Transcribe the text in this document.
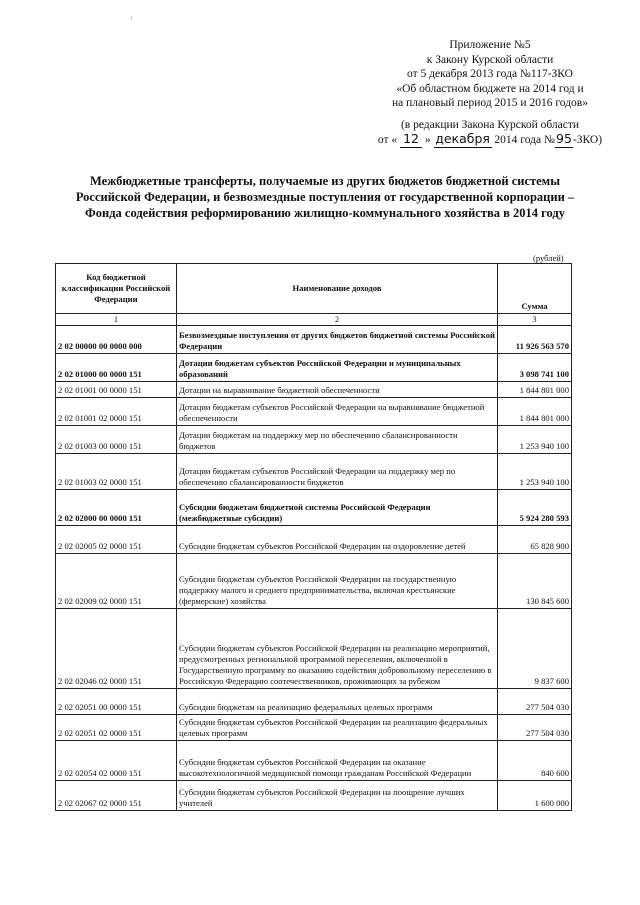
·
Приложение №5
к Закону Курской области
от 5 декабря 2013 года №117-ЗКО
«Об областном бюджете на 2014 год и
на плановый период 2015 и 2016 годов»
(в редакции Закона Курской области
от « 12 » декабря 2014 года №95-ЗКО)
Межбюджетные трансферты, получаемые из других бюджетов бюджетной системы Российской Федерации, и безвозмездные поступления от государственной корпорации – Фонда содействия реформированию жилищно-коммунального хозяйства в 2014 году
(рублей)
Код бюджетной классификации Российской Федерации	Наименование доходов	Сумма
1	2	3
2 02 00000 00 0000 000	Безвозмездные поступления от других бюджетов бюджетной системы Российской Федерации	11 926 563 570
2 02 01000 00 0000 151	Дотации бюджетам субъектов Российской Федерации и муниципальных образований	3 098 741 100
2 02 01001 00 0000 151	Дотации на выравнивание бюджетной обеспеченности	1 844 801 000
2 02 01001 02 0000 151	Дотации бюджетам субъектов Российской Федерации на выравнивание бюджетной обеспеченности	1 844 801 000
2 02 01003 00 0000 151	Дотации бюджетам на поддержку мер по обеспечению сбалансированности бюджетов	1 253 940 100
2 02 01003 02 0000 151	Дотации бюджетам субъектов Российской Федерации на поддержку мер по обеспечению сбалансированности бюджетов	1 253 940 100
2 02 02000 00 0000 151	Субсидии бюджетам бюджетной системы Российской Федерации (межбюджетные субсидии)	5 924 280 593
2 02 02005 02 0000 151	Субсидии бюджетам субъектов Российской Федерации на оздоровление детей	65 828 900
2 02 02009 02 0000 151	Субсидии бюджетам субъектов Российской Федерации на государственную поддержку малого и среднего предпринимательства, включая крестьянские (фермерские) хозяйства	130 845 600
2 02 02046 02 0000 151	Субсидии бюджетам субъектов Российской Федерации на реализацию мероприятий, предусмотренных региональной программой переселения, включенной в Государственную программу по оказанию содействия добровольному переселению в Российскую Федерацию соотечественников, проживающих за рубежом	9 837 600
2 02 02051 00 0000 151	Субсидии бюджетам на реализацию федеральных целевых программ	277 504 030
2 02 02051 02 0000 151	Субсидии бюджетам субъектов Российской Федерации на реализацию федеральных целевых программ	277 504 030
2 02 02054 02 0000 151	Субсидии бюджетам субъектов Российской Федерации на оказание высокотехнологичной медицинской помощи гражданам Российской Федерации	840 600
2 02 02067 02 0000 151	Субсидии бюджетам субъектов Российской Федерации на поощрение лучших учителей	1 600 000
